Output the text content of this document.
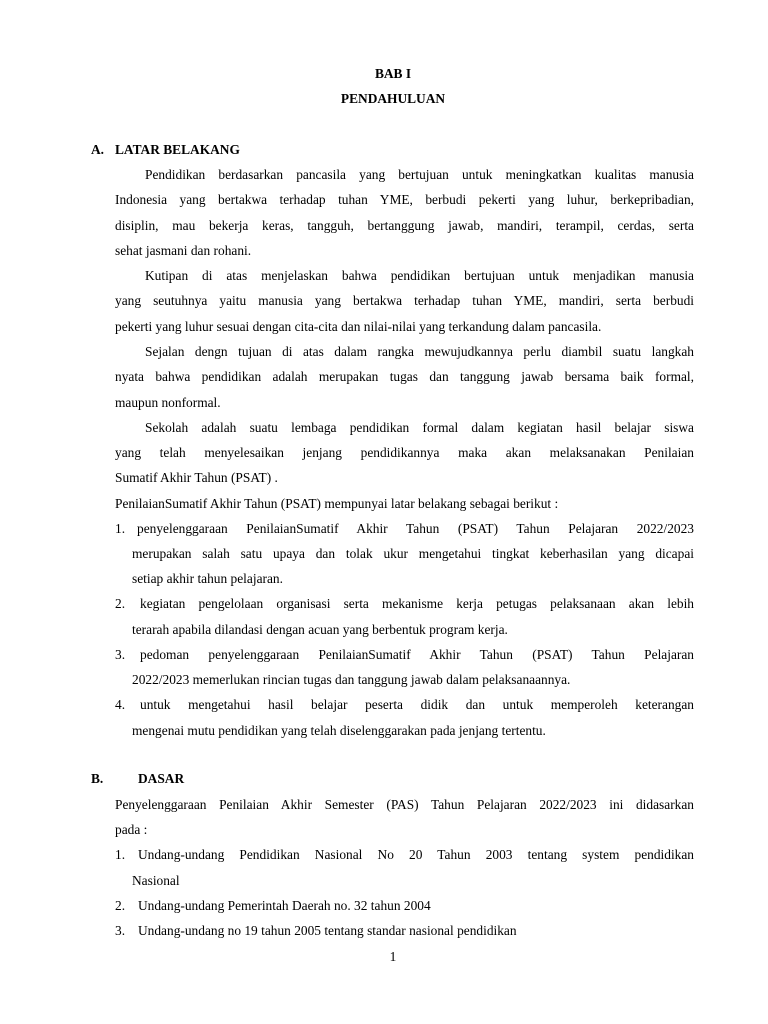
BAB I
PENDAHULUAN
A. LATAR BELAKANG
Pendidikan berdasarkan pancasila yang bertujuan untuk meningkatkan kualitas manusia
Indonesia yang bertakwa terhadap tuhan YME, berbudi pekerti yang luhur, berkepribadian,
disiplin, mau bekerja keras, tangguh, bertanggung jawab, mandiri, terampil, cerdas, serta
sehat jasmani dan rohani.
Kutipan di atas menjelaskan bahwa pendidikan bertujuan untuk menjadikan manusia
yang seutuhnya yaitu manusia yang bertakwa terhadap tuhan YME, mandiri, serta berbudi
pekerti yang luhur sesuai dengan cita-cita dan nilai-nilai yang terkandung dalam pancasila.
Sejalan dengn tujuan di atas dalam rangka mewujudkannya perlu diambil suatu langkah
nyata bahwa pendidikan adalah merupakan tugas dan tanggung jawab bersama baik formal,
maupun nonformal.
Sekolah adalah suatu lembaga pendidikan formal dalam kegiatan hasil belajar siswa
yang telah menyelesaikan jenjang pendidikannya maka akan melaksanakan Penilaian
Sumatif Akhir Tahun (PSAT) .
PenilaianSumatif Akhir Tahun (PSAT) mempunyai latar belakang sebagai berikut :
1. penyelenggaraan PenilaianSumatif Akhir Tahun (PSAT) Tahun Pelajaran 2022/2023
merupakan salah satu upaya dan tolak ukur mengetahui tingkat keberhasilan yang dicapai
setiap akhir tahun pelajaran.
2. kegiatan pengelolaan organisasi serta mekanisme kerja petugas pelaksanaan akan lebih
terarah apabila dilandasi dengan acuan yang berbentuk program kerja.
3. pedoman penyelenggaraan PenilaianSumatif Akhir Tahun (PSAT) Tahun Pelajaran
2022/2023 memerlukan rincian tugas dan tanggung jawab dalam pelaksanaannya.
4. untuk mengetahui hasil belajar peserta didik dan untuk memperoleh keterangan
mengenai mutu pendidikan yang telah diselenggarakan pada jenjang tertentu.
B.	DASAR
Penyelenggaraan Penilaian Akhir Semester (PAS) Tahun Pelajaran 2022/2023 ini didasarkan
pada :
1. Undang-undang Pendidikan Nasional No 20 Tahun 2003 tentang system pendidikan
Nasional
2. Undang-undang Pemerintah Daerah no. 32 tahun 2004
3. Undang-undang no 19 tahun 2005 tentang standar nasional pendidikan
1
